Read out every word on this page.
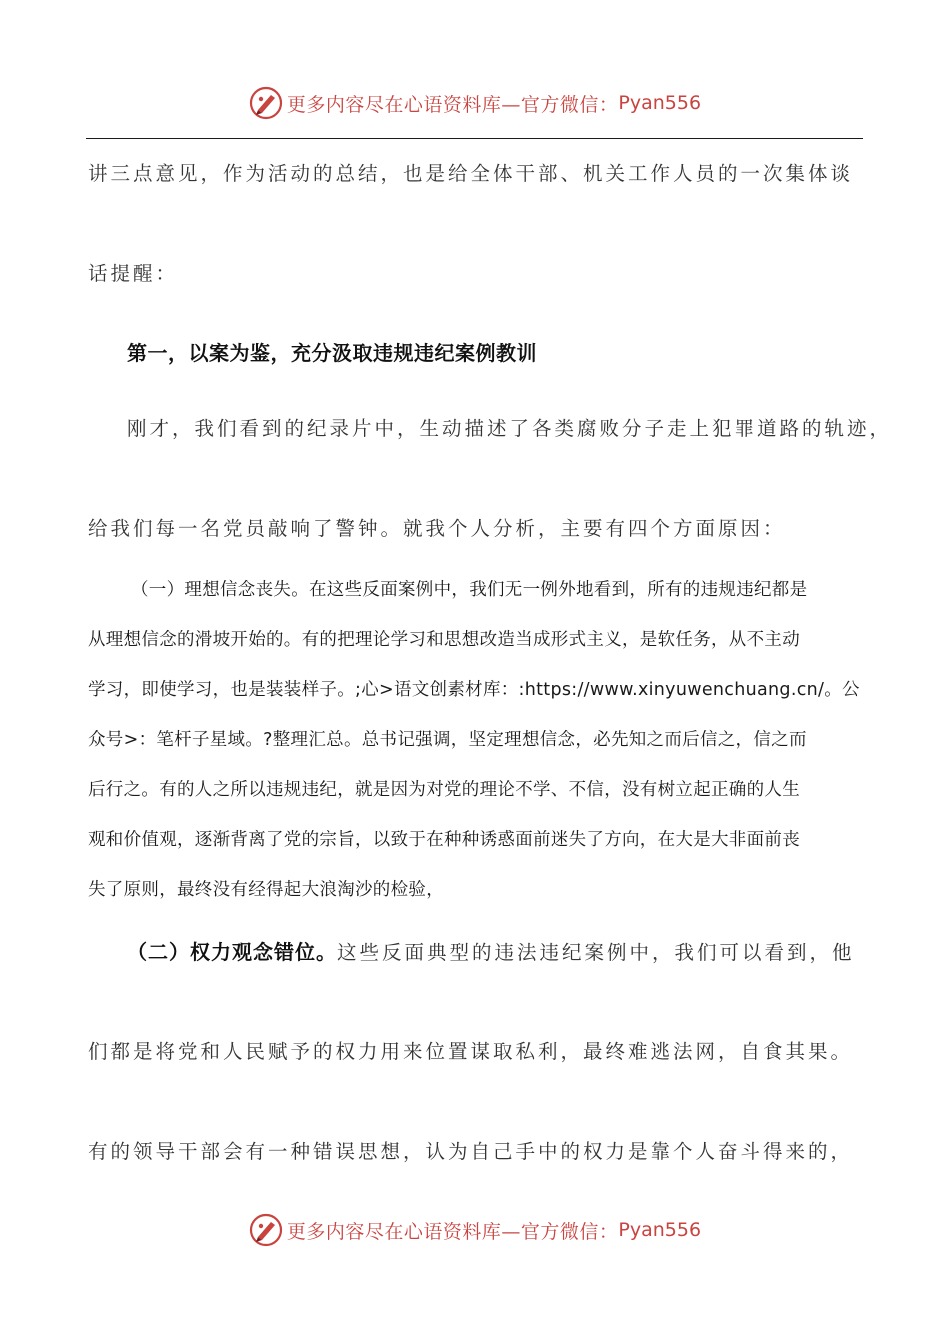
更多内容尽在心语资料库—官方微信： Pyan556
讲三点意见，作为活动的总结，也是给全体干部、机关工作人员的一次集体谈
话提醒：
第一，以案为鉴，充分汲取违规违纪案例教训
刚才，我们看到的纪录片中，生动描述了各类腐败分子走上犯罪道路的轨迹，
给我们每一名党员敲响了警钟。就我个人分析，主要有四个方面原因：
（一）理想信念丧失。在这些反面案例中，我们无一例外地看到，所有的违规违纪都是
从理想信念的滑坡开始的。有的把理论学习和思想改造当成形式主义，是软任务，从不主动
学习，即使学习，也是装装样子。;心>语文创素材库：:https://www.xinyuwenchuang.cn/。公
众号>：笔杆子星域。?整理汇总。总书记强调，坚定理想信念，必先知之而后信之，信之而
后行之。有的人之所以违规违纪，就是因为对党的理论不学、不信，没有树立起正确的人生
观和价值观，逐渐背离了党的宗旨，以致于在种种诱惑面前迷失了方向，在大是大非面前丧
失了原则，最终没有经得起大浪淘沙的检验，
（二）权力观念错位。这些反面典型的违法违纪案例中，我们可以看到，他
们都是将党和人民赋予的权力用来位置谋取私利，最终难逃法网，自食其果。
有的领导干部会有一种错误思想，认为自己手中的权力是靠个人奋斗得来的，
更多内容尽在心语资料库—官方微信： Pyan556
